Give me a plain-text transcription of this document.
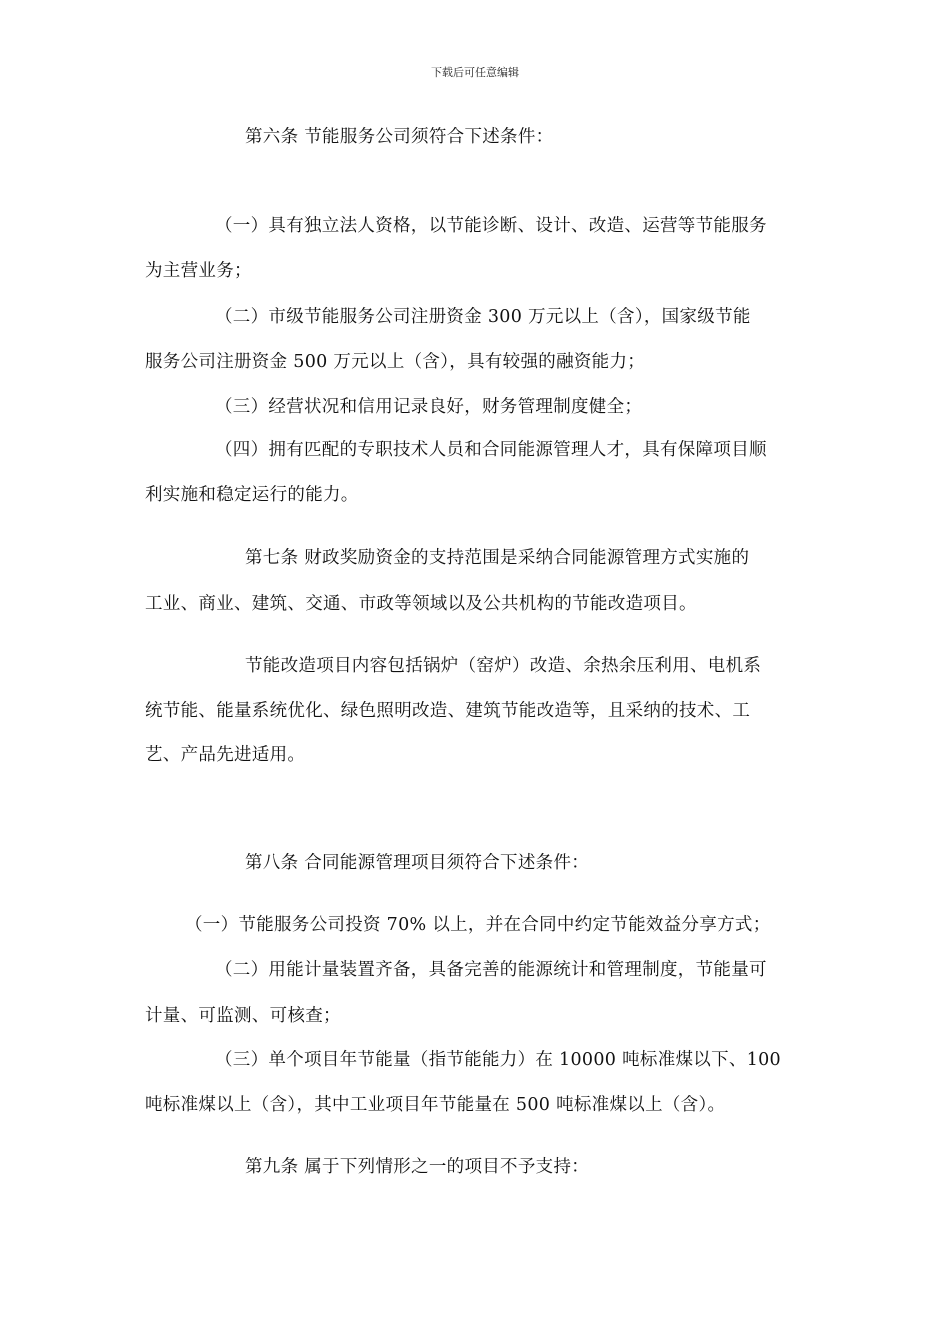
下载后可任意编辑
第六条 节能服务公司须符合下述条件：
（一）具有独立法人资格，以节能诊断、设计、改造、运营等节能服务
为主营业务；
（二）市级节能服务公司注册资金 300 万元以上（含），国家级节能
服务公司注册资金 500 万元以上（含），具有较强的融资能力；
（三）经营状况和信用记录良好，财务管理制度健全；
（四）拥有匹配的专职技术人员和合同能源管理人才，具有保障项目顺
利实施和稳定运行的能力。
第七条 财政奖励资金的支持范围是采纳合同能源管理方式实施的
工业、商业、建筑、交通、市政等领域以及公共机构的节能改造项目。
节能改造项目内容包括锅炉（窑炉）改造、余热余压利用、电机系
统节能、能量系统优化、绿色照明改造、建筑节能改造等，且采纳的技术、工
艺、产品先进适用。
第八条 合同能源管理项目须符合下述条件：
（一）节能服务公司投资 70% 以上，并在合同中约定节能效益分享方式；
（二）用能计量装置齐备，具备完善的能源统计和管理制度，节能量可
计量、可监测、可核查；
（三）单个项目年节能量（指节能能力）在 10000 吨标准煤以下、100
吨标准煤以上（含），其中工业项目年节能量在 500 吨标准煤以上（含）。
第九条 属于下列情形之一的项目不予支持：
